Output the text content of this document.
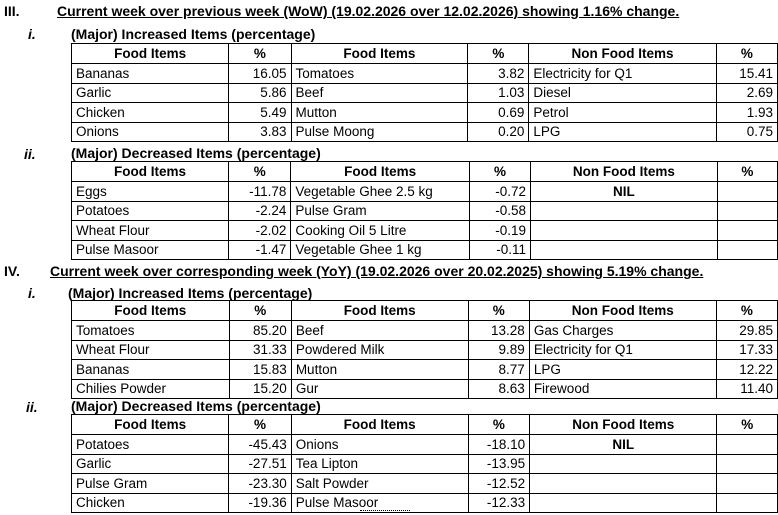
III.	Current week over previous week (WoW) (19.02.2026 over 12.02.2026) showing 1.16% change.
i.	(Major) Increased Items (percentage)
Food Items	%	Food Items	%	Non Food Items	%
Bananas	16.05	Tomatoes	3.82	Electricity for Q1	15.41
Garlic	5.86	Beef	1.03	Diesel	2.69
Chicken	5.49	Mutton	0.69	Petrol	1.93
Onions	3.83	Pulse Moong	0.20	LPG	0.75
ii.	(Major) Decreased Items (percentage)
Food Items	%	Food Items	%	Non Food Items	%
Eggs	-11.78	Vegetable Ghee 2.5 kg	-0.72	NIL	
Potatoes	-2.24	Pulse Gram	-0.58		
Wheat Flour	-2.02	Cooking Oil 5 Litre	-0.19		
Pulse Masoor	-1.47	Vegetable Ghee 1 kg	-0.11		
IV. Current week over corresponding week (YoY) (19.02.2026 over 20.02.2025) showing 5.19% change.
i. (Major) Increased Items (percentage)
Food Items	%	Food Items	%	Non Food Items	%
Tomatoes	85.20	Beef	13.28	Gas Charges	29.85
Wheat Flour	31.33	Powdered Milk	9.89	Electricity for Q1	17.33
Bananas	15.83	Mutton	8.77	LPG	12.22
Chilies Powder	15.20	Gur	8.63	Firewood	11.40
ii. (Major) Decreased Items (percentage)
Food Items	%	Food Items	%	Non Food Items	%
Potatoes	-45.43	Onions	-18.10	NIL	
Garlic	-27.51	Tea Lipton	-13.95		
Pulse Gram	-23.30	Salt Powder	-12.52		
Chicken	-19.36	Pulse Masoor	-12.33		
